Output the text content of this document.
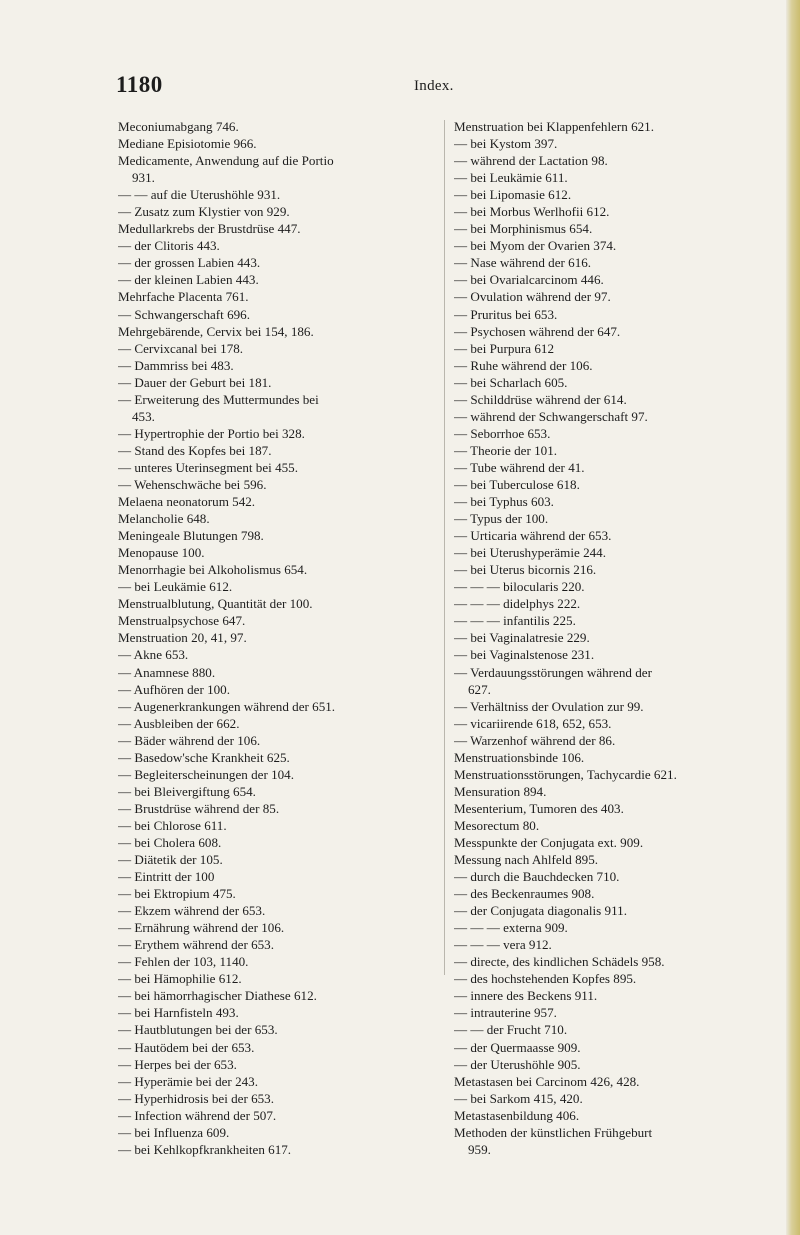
1180	Index.
Meconiumabgang 746.
Mediane Episiotomie 966.
Medicamente, Anwendung auf die Portio
931.
— — auf die Uterushöhle 931.
— Zusatz zum Klystier von 929.
Medullarkrebs der Brustdrüse 447.
— der Clitoris 443.
— der grossen Labien 443.
— der kleinen Labien 443.
Mehrfache Placenta 761.
— Schwangerschaft 696.
Mehrgebärende, Cervix bei 154, 186.
— Cervixcanal bei 178.
— Dammriss bei 483.
— Dauer der Geburt bei 181.
— Erweiterung des Muttermundes bei
453.
— Hypertrophie der Portio bei 328.
— Stand des Kopfes bei 187.
— unteres Uterinsegment bei 455.
— Wehenschwäche bei 596.
Melaena neonatorum 542.
Melancholie 648.
Meningeale Blutungen 798.
Menopause 100.
Menorrhagie bei Alkoholismus 654.
— bei Leukämie 612.
Menstrualblutung, Quantität der 100.
Menstrualpsychose 647.
Menstruation 20, 41, 97.
— Akne 653.
— Anamnese 880.
— Aufhören der 100.
— Augenerkrankungen während der 651.
— Ausbleiben der 662.
— Bäder während der 106.
— Basedow'sche Krankheit 625.
— Begleiterscheinungen der 104.
— bei Bleivergiftung 654.
— Brustdrüse während der 85.
— bei Chlorose 611.
— bei Cholera 608.
— Diätetik der 105.
— Eintritt der 100
— bei Ektropium 475.
— Ekzem während der 653.
— Ernährung während der 106.
— Erythem während der 653.
— Fehlen der 103, 1140.
— bei Hämophilie 612.
— bei hämorrhagischer Diathese 612.
— bei Harnfisteln 493.
— Hautblutungen bei der 653.
— Hautödem bei der 653.
— Herpes bei der 653.
— Hyperämie bei der 243.
— Hyperhidrosis bei der 653.
— Infection während der 507.
— bei Influenza 609.
— bei Kehlkopfkrankheiten 617.
Menstruation bei Klappenfehlern 621.
— bei Kystom 397.
— während der Lactation 98.
— bei Leukämie 611.
— bei Lipomasie 612.
— bei Morbus Werlhofii 612.
— bei Morphinismus 654.
— bei Myom der Ovarien 374.
— Nase während der 616.
— bei Ovarialcarcinom 446.
— Ovulation während der 97.
— Pruritus bei 653.
— Psychosen während der 647.
— bei Purpura 612
— Ruhe während der 106.
— bei Scharlach 605.
— Schilddrüse während der 614.
— während der Schwangerschaft 97.
— Seborrhoe 653.
— Theorie der 101.
— Tube während der 41.
— bei Tuberculose 618.
— bei Typhus 603.
— Typus der 100.
— Urticaria während der 653.
— bei Uterushyperämie 244.
— bei Uterus bicornis 216.
— — — bilocularis 220.
— — — didelphys 222.
— — — infantilis 225.
— bei Vaginalatresie 229.
— bei Vaginalstenose 231.
— Verdauungsstörungen während der
627.
— Verhältniss der Ovulation zur 99.
— vicariirende 618, 652, 653.
— Warzenhof während der 86.
Menstruationsbinde 106.
Menstruationsstörungen, Tachycardie 621.
Mensuration 894.
Mesenterium, Tumoren des 403.
Mesorectum 80.
Messpunkte der Conjugata ext. 909.
Messung nach Ahlfeld 895.
— durch die Bauchdecken 710.
— des Beckenraumes 908.
— der Conjugata diagonalis 911.
— — — externa 909.
— — — vera 912.
— directe, des kindlichen Schädels 958.
— des hochstehenden Kopfes 895.
— innere des Beckens 911.
— intrauterine 957.
— — der Frucht 710.
— der Quermaasse 909.
— der Uterushöhle 905.
Metastasen bei Carcinom 426, 428.
— bei Sarkom 415, 420.
Metastasenbildung 406.
Methoden der künstlichen Frühgeburt
959.
